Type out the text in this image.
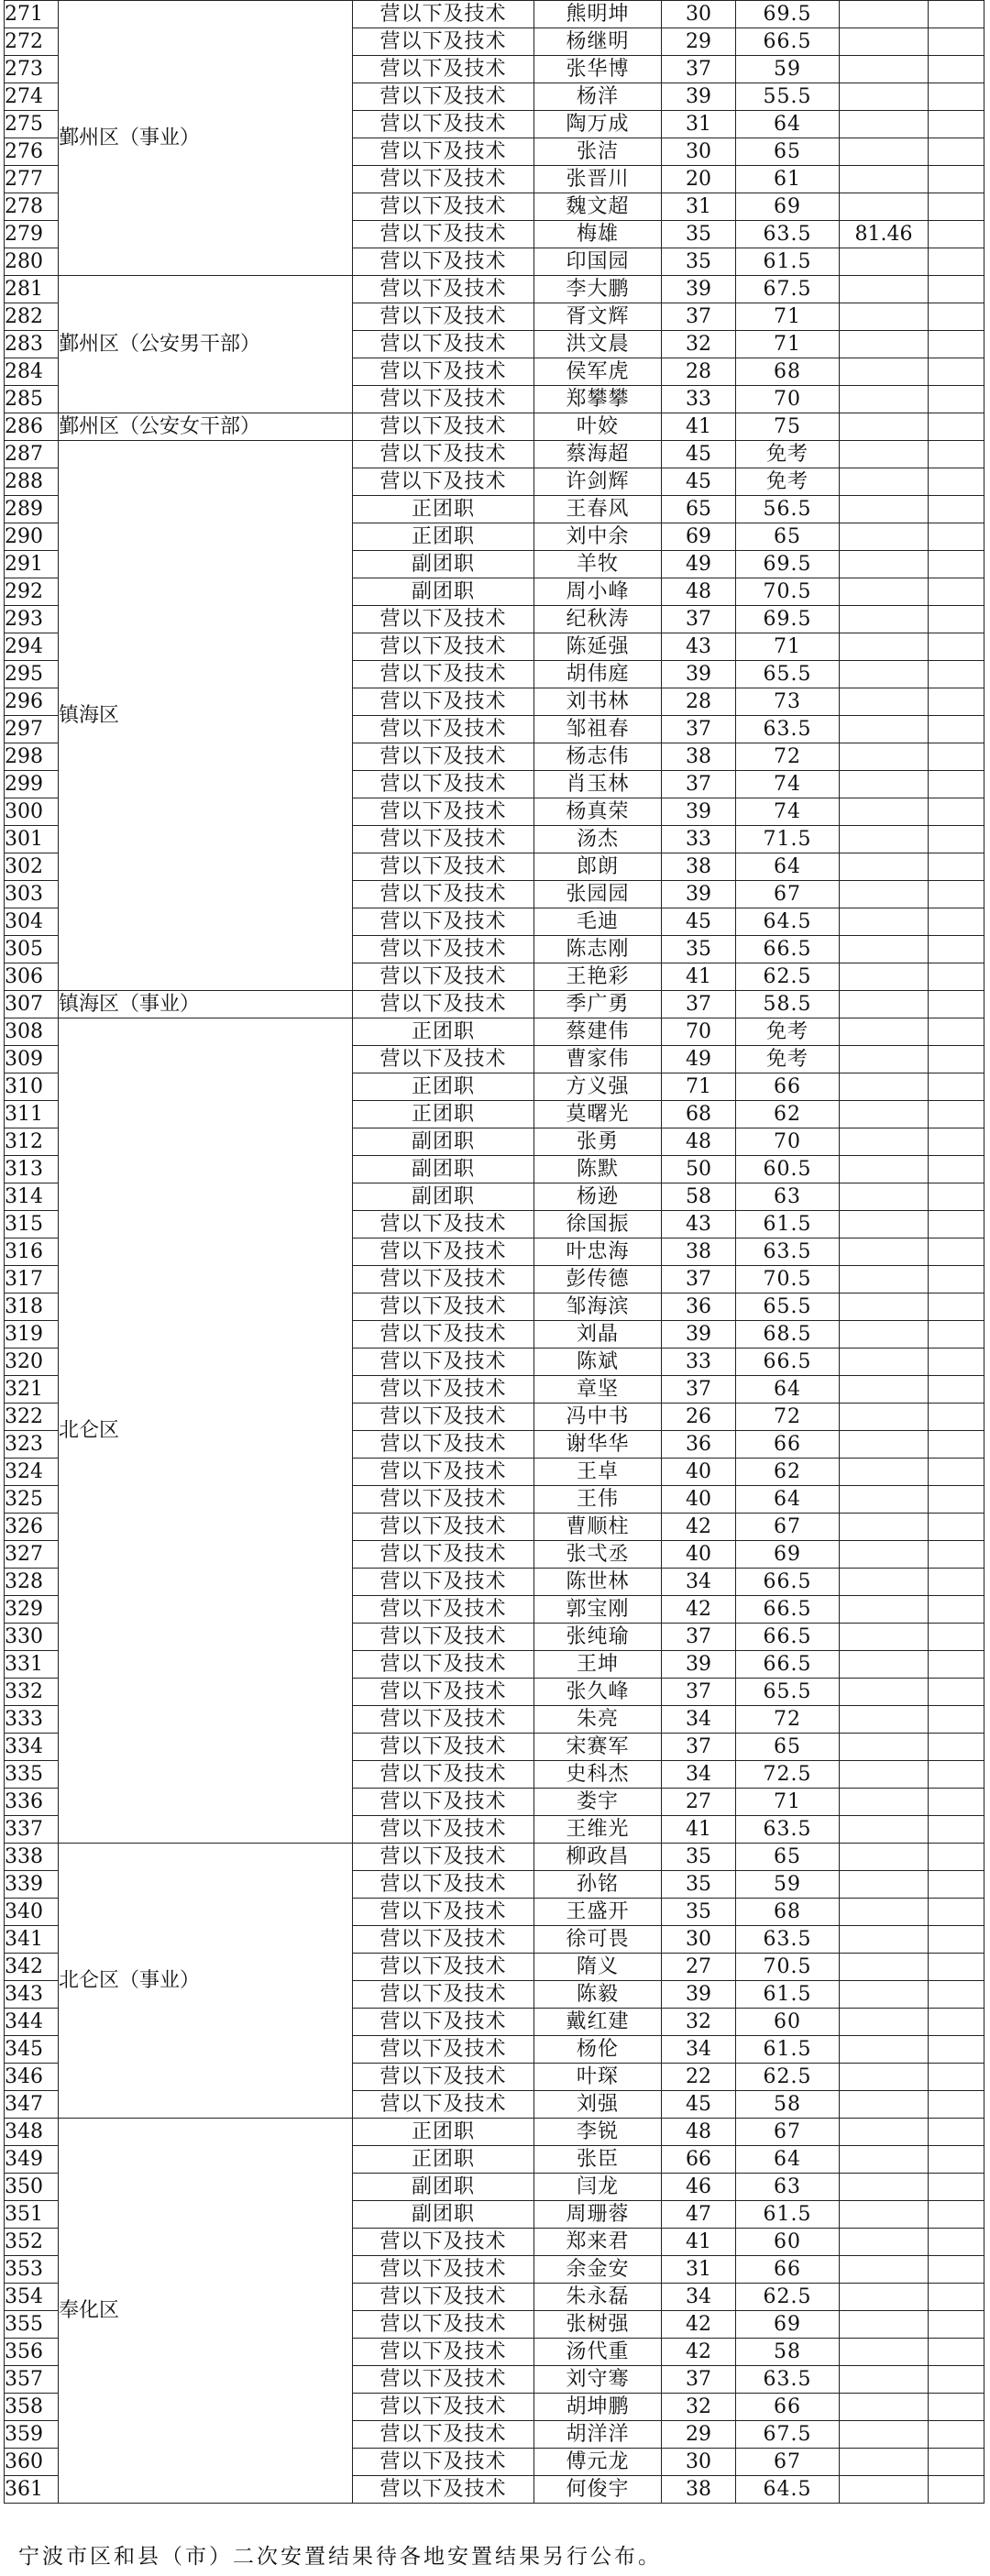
271	鄞州区（事业）	营以下及技术	熊明坤	30	69.5		
272		营以下及技术	杨继明	29	66.5		
273		营以下及技术	张华博	37	59		
274		营以下及技术	杨洋	39	55.5		
275		营以下及技术	陶万成	31	64		
276		营以下及技术	张洁	30	65		
277		营以下及技术	张晋川	20	61		
278		营以下及技术	魏文超	31	69		
279		营以下及技术	梅雄	35	63.5	81.46	
280		营以下及技术	印国园	35	61.5		
281	鄞州区（公安男干部）	营以下及技术	李大鹏	39	67.5		
282		营以下及技术	胥文辉	37	71		
283		营以下及技术	洪文晨	32	71		
284		营以下及技术	侯军虎	28	68		
285		营以下及技术	郑攀攀	33	70		
286	鄞州区（公安女干部）	营以下及技术	叶姣	41	75		
287	镇海区	营以下及技术	蔡海超	45	免考		
288		营以下及技术	许剑辉	45	免考		
289		正团职	王春风	65	56.5		
290		正团职	刘中余	69	65		
291		副团职	羊牧	49	69.5		
292		副团职	周小峰	48	70.5		
293		营以下及技术	纪秋涛	37	69.5		
294		营以下及技术	陈延强	43	71		
295		营以下及技术	胡伟庭	39	65.5		
296		营以下及技术	刘书林	28	73		
297		营以下及技术	邹祖春	37	63.5		
298		营以下及技术	杨志伟	38	72		
299		营以下及技术	肖玉林	37	74		
300		营以下及技术	杨真荣	39	74		
301		营以下及技术	汤杰	33	71.5		
302		营以下及技术	郎朗	38	64		
303		营以下及技术	张园园	39	67		
304		营以下及技术	毛迪	45	64.5		
305		营以下及技术	陈志刚	35	66.5		
306		营以下及技术	王艳彩	41	62.5		
307	镇海区（事业）	营以下及技术	季广勇	37	58.5		
308	北仑区	正团职	蔡建伟	70	免考		
309		营以下及技术	曹家伟	49	免考		
310		正团职	方义强	71	66		
311		正团职	莫曙光	68	62		
312		副团职	张勇	48	70		
313		副团职	陈默	50	60.5		
314		副团职	杨逊	58	63		
315		营以下及技术	徐国振	43	61.5		
316		营以下及技术	叶忠海	38	63.5		
317		营以下及技术	彭传德	37	70.5		
318		营以下及技术	邹海滨	36	65.5		
319		营以下及技术	刘晶	39	68.5		
320		营以下及技术	陈斌	33	66.5		
321		营以下及技术	章坚	37	64		
322		营以下及技术	冯中书	26	72		
323		营以下及技术	谢华华	36	66		
324		营以下及技术	王卓	40	62		
325		营以下及技术	王伟	40	64		
326		营以下及技术	曹顺柱	42	67		
327		营以下及技术	张弌丞	40	69		
328		营以下及技术	陈世林	34	66.5		
329		营以下及技术	郭宝刚	42	66.5		
330		营以下及技术	张纯瑜	37	66.5		
331		营以下及技术	王坤	39	66.5		
332		营以下及技术	张久峰	37	65.5		
333		营以下及技术	朱亮	34	72		
334		营以下及技术	宋赛军	37	65		
335		营以下及技术	史科杰	34	72.5		
336		营以下及技术	娄宇	27	71		
337		营以下及技术	王维光	41	63.5		
338	北仑区（事业）	营以下及技术	柳政昌	35	65		
339		营以下及技术	孙铭	35	59		
340		营以下及技术	王盛开	35	68		
341		营以下及技术	徐可畏	30	63.5		
342		营以下及技术	隋义	27	70.5		
343		营以下及技术	陈毅	39	61.5		
344		营以下及技术	戴红建	32	60		
345		营以下及技术	杨伦	34	61.5		
346		营以下及技术	叶琛	22	62.5		
347		营以下及技术	刘强	45	58		
348	奉化区	正团职	李锐	48	67		
349		正团职	张臣	66	64		
350		副团职	闫龙	46	63		
351		副团职	周珊蓉	47	61.5		
352		营以下及技术	郑来君	41	60		
353		营以下及技术	余金安	31	66		
354		营以下及技术	朱永磊	34	62.5		
355		营以下及技术	张树强	42	69		
356		营以下及技术	汤代重	42	58		
357		营以下及技术	刘守骞	37	63.5		
358		营以下及技术	胡坤鹏	32	66		
359		营以下及技术	胡洋洋	29	67.5		
360		营以下及技术	傅元龙	30	67		
361		营以下及技术	何俊宇	38	64.5		
宁波市区和县（市）二次安置结果待各地安置结果另行公布。
